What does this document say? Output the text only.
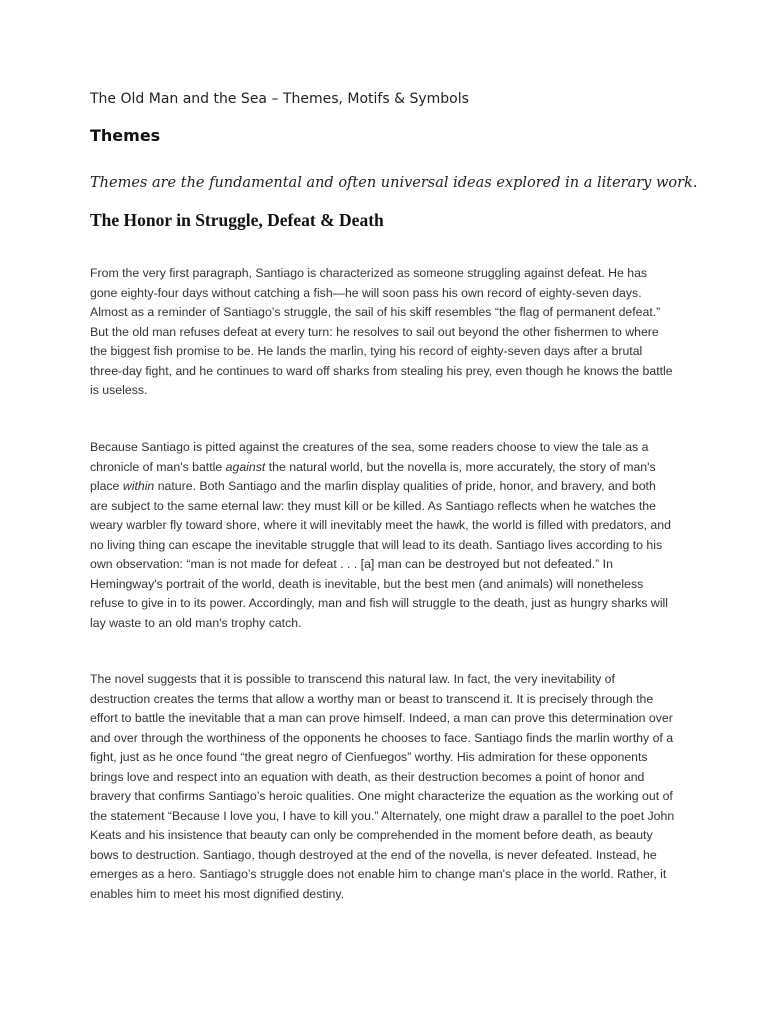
The Old Man and the Sea – Themes, Motifs & Symbols
Themes
Themes are the fundamental and often universal ideas explored in a literary work.
The Honor in Struggle, Defeat & Death

From the very first paragraph, Santiago is characterized as someone struggling against defeat. He has gone eighty-four days without catching a fish—he will soon pass his own record of eighty-seven days. Almost as a reminder of Santiago’s struggle, the sail of his skiff resembles “the flag of permanent defeat.” But the old man refuses defeat at every turn: he resolves to sail out beyond the other fishermen to where the biggest fish promise to be. He lands the marlin, tying his record of eighty-seven days after a brutal three-day fight, and he continues to ward off sharks from stealing his prey, even though he knows the battle is useless.

Because Santiago is pitted against the creatures of the sea, some readers choose to view the tale as a chronicle of man's battle against the natural world, but the novella is, more accurately, the story of man's place within nature. Both Santiago and the marlin display qualities of pride, honor, and bravery, and both are subject to the same eternal law: they must kill or be killed. As Santiago reflects when he watches the weary warbler fly toward shore, where it will inevitably meet the hawk, the world is filled with predators, and no living thing can escape the inevitable struggle that will lead to its death. Santiago lives according to his own observation: “man is not made for defeat . . . [a] man can be destroyed but not defeated.” In Hemingway's portrait of the world, death is inevitable, but the best men (and animals) will nonetheless refuse to give in to its power. Accordingly, man and fish will struggle to the death, just as hungry sharks will lay waste to an old man's trophy catch.

The novel suggests that it is possible to transcend this natural law. In fact, the very inevitability of destruction creates the terms that allow a worthy man or beast to transcend it. It is precisely through the effort to battle the inevitable that a man can prove himself. Indeed, a man can prove this determination over and over through the worthiness of the opponents he chooses to face. Santiago finds the marlin worthy of a fight, just as he once found “the great negro of Cienfuegos” worthy. His admiration for these opponents brings love and respect into an equation with death, as their destruction becomes a point of honor and bravery that confirms Santiago’s heroic qualities. One might characterize the equation as the working out of the statement “Because I love you, I have to kill you.” Alternately, one might draw a parallel to the poet John Keats and his insistence that beauty can only be comprehended in the moment before death, as beauty bows to destruction. Santiago, though destroyed at the end of the novella, is never defeated. Instead, he emerges as a hero. Santiago’s struggle does not enable him to change man's place in the world. Rather, it enables him to meet his most dignified destiny.
